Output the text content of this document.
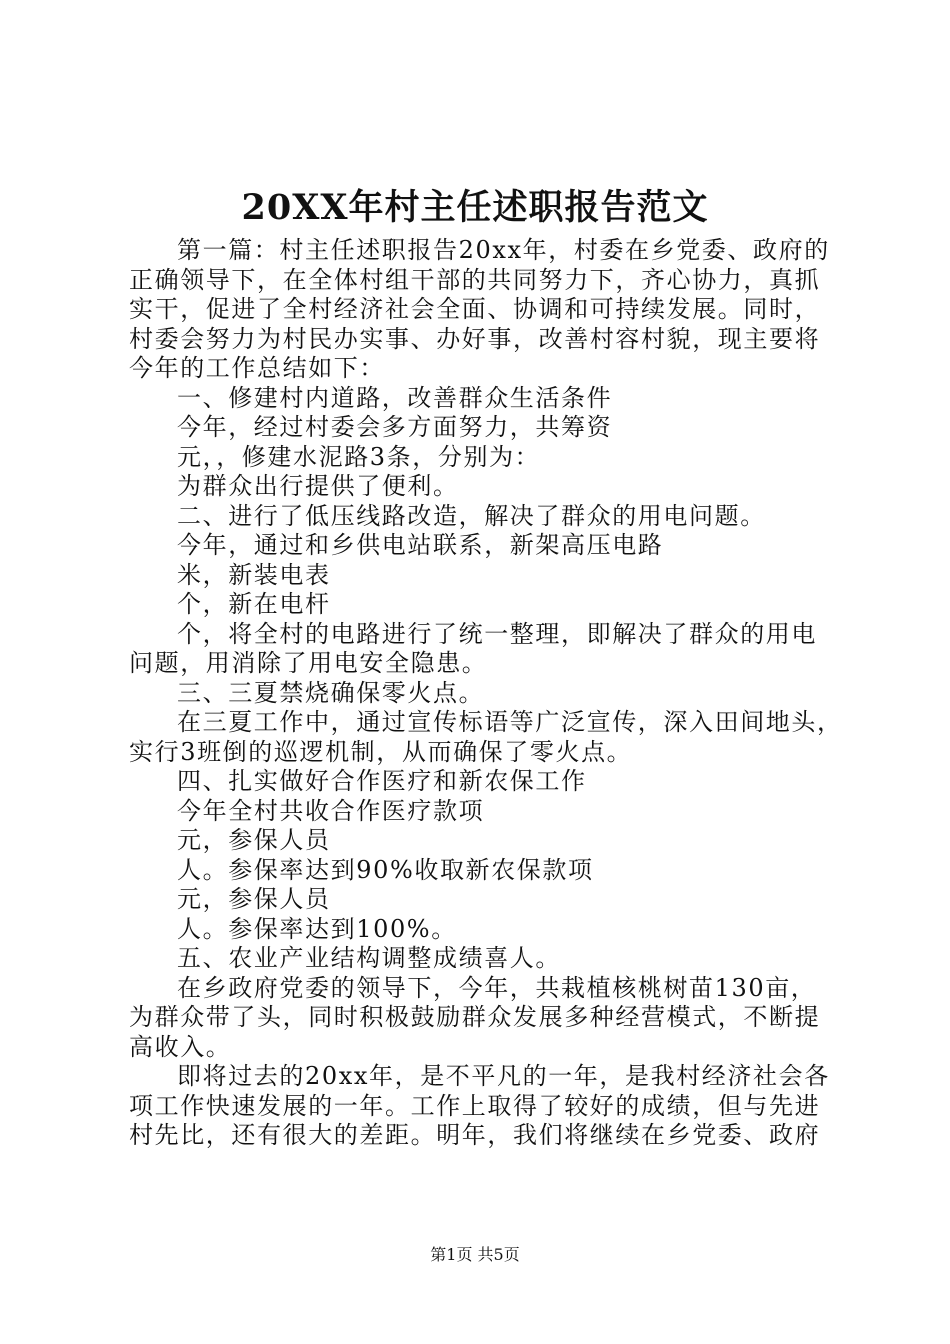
20XX年村主任述职报告范文
第一篇：村主任述职报告20xx年，村委在乡党委、政府的
正确领导下，在全体村组干部的共同努力下，齐心协力，真抓
实干，促进了全村经济社会全面、协调和可持续发展。同时，
村委会努力为村民办实事、办好事，改善村容村貌，现主要将
今年的工作总结如下：
一、修建村内道路，改善群众生活条件
今年，经过村委会多方面努力，共筹资
元，，修建水泥路3条，分别为：
为群众出行提供了便利。
二、进行了低压线路改造，解决了群众的用电问题。
今年，通过和乡供电站联系，新架高压电路
米，新装电表
个，新在电杆
个，将全村的电路进行了统一整理，即解决了群众的用电
问题，用消除了用电安全隐患。
三、三夏禁烧确保零火点。
在三夏工作中，通过宣传标语等广泛宣传，深入田间地头，
实行3班倒的巡逻机制，从而确保了零火点。
四、扎实做好合作医疗和新农保工作
今年全村共收合作医疗款项
元，参保人员
人。参保率达到90%收取新农保款项
元，参保人员
人。参保率达到100%。
五、农业产业结构调整成绩喜人。
在乡政府党委的领导下，今年，共栽植核桃树苗130亩，
为群众带了头，同时积极鼓励群众发展多种经营模式，不断提
高收入。
即将过去的20xx年，是不平凡的一年，是我村经济社会各
项工作快速发展的一年。工作上取得了较好的成绩，但与先进
村先比，还有很大的差距。明年，我们将继续在乡党委、政府
第1页 共5页
